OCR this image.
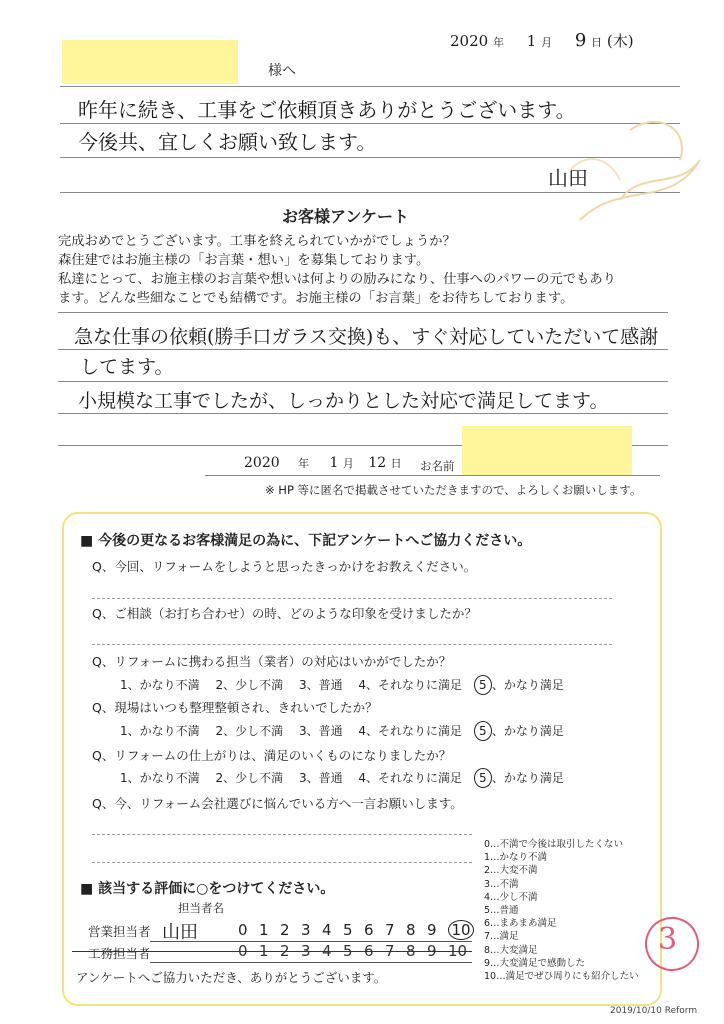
2020 年 1 月 9 日 (木)
様へ
昨年に続き、工事をご依頼頂きありがとうございます。
今後共、宜しくお願い致します。
山田
お客様アンケート
完成おめでとうございます。工事を終えられていかがでしょうか？
森住建ではお施主様の「お言葉・想い」を募集しております。
私達にとって、お施主様のお言葉や想いは何よりの励みになり、仕事へのパワーの元でもあり
ます。どんな些細なことでも結構です。お施主様の「お言葉」をお待ちしております。
急な仕事の依頼(勝手口ガラス交換)も、すぐ対応していただいて感謝
してます。
小規模な工事でしたが、しっかりとした対応で満足してます。
2020 年 1 月 12 日 お名前
※ HP 等に匿名で掲載させていただきますので、よろしくお願いします。
■ 今後の更なるお客様満足の為に、下記アンケートへご協力ください。
Q、今回、リフォームをしようと思ったきっかけをお教えください。
Q、ご相談（お打ち合わせ）の時、どのような印象を受けましたか？
Q、リフォームに携わる担当（業者）の対応はいかがでしたか？
1、かなり不満 2、少し不満 3、普通 4、それなりに満足 5 、かなり満足
Q、現場はいつも整理整頓され、きれいでしたか？
1、かなり不満 2、少し不満 3、普通 4、それなりに満足 5 、かなり満足
Q、リフォームの仕上がりは、満足のいくものになりましたか？
1、かなり不満 2、少し不満 3、普通 4、それなりに満足 5 、かなり満足
Q、今、リフォーム会社選びに悩んでいる方へ一言お願いします。
0…不満で今後は取引したくない
1…かなり不満
2…大変不満
3…不満
4…少し不満
5…普通
6…まあまあ満足
7…満足
8…大変満足
9…大変満足で感動した
10…満足でぜひ周りにも紹介したい
■ 該当する評価に○をつけてください。
担当者名
営業担当者 山田	0 1 2 3 4 5 6 7 8 9 10
工務担当者	0 1 2 3 4 5 6 7 8 9 10
アンケートへご協力いただき、ありがとうございます。
3
2019/10/10 Reform
